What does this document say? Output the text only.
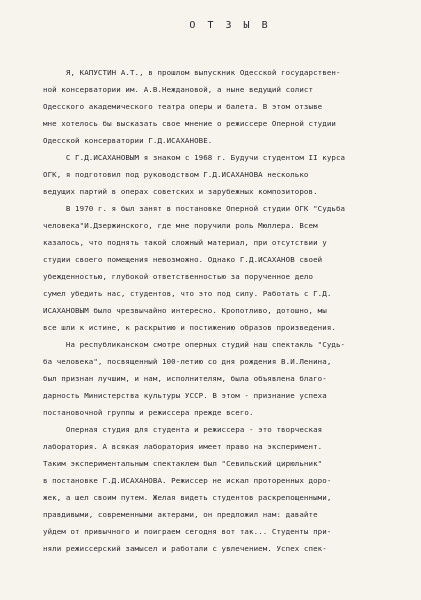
О Т З Ы В

Я, КАПУСТИН А.Т., в прошлом выпускник Одесской государствен-
ной консерватории им. А.В.Неждановой, а ныне ведущий солист
Одесского академического театра оперы и балета. В этом отзыве
мне хотелось бы высказать свое мнение о режиссере Оперной студии
Одесской консерватории Г.Д.ИСАХАНОВЕ.

С Г.Д.ИСАХАНОВЫМ я знаком с 1968 г. Будучи студентом II курса
ОГК, я подготовил под руководством Г.Д.ИСАХАНОВА несколько
ведущих партий в операх советских и зарубежных композиторов.

В 1970 г. я был занят в постановке Оперной студии ОГК "Судьба
человека"И.Дзержинского, где мне поручили роль Мюллера. Всем
казалось, что поднять такой сложный материал, при отсутствии у
студии своего помещения невозможно. Однако Г.Д.ИСАХАНОВ своей
убежденностью, глубокой ответственностью за порученное дело
сумел убедить нас, студентов, что это под силу. Работать с Г.Д.
ИСАХАНОВЫМ было чрезвычайно интересно. Кропотливо, дотошно, мы
все шли к истине, к раскрытию и постижению образов произведения.

На республиканском смотре оперных студий наш спектакль "Судь-
ба человека", посвященный 100-летию со дня рождения В.И.Ленина,
был признан лучшим, и нам, исполнителям, была объявлена благо-
дарность Министерства культуры УССР. В этом - признание успеха
постановочной группы и режиссера прежде всего.

Оперная студия для студента и режиссера - это творческая
лаборатория. А всякая лаборатория имеет право на эксперимент.
Таким экспериментальным спектаклем был "Севильский цирюльник"
в постановке Г.Д.ИСАХАНОВА. Режиссер не искал проторенных доро-
жек, а шел своим путем. Желая видеть студентов раскрепощенными,
правдивыми, современными актерами, он предложил нам: давайте
уйдем от привычного и поиграем сегодня вот так... Студенты при-
няли режиссерский замысел и работали с увлечением. Успех спек-
